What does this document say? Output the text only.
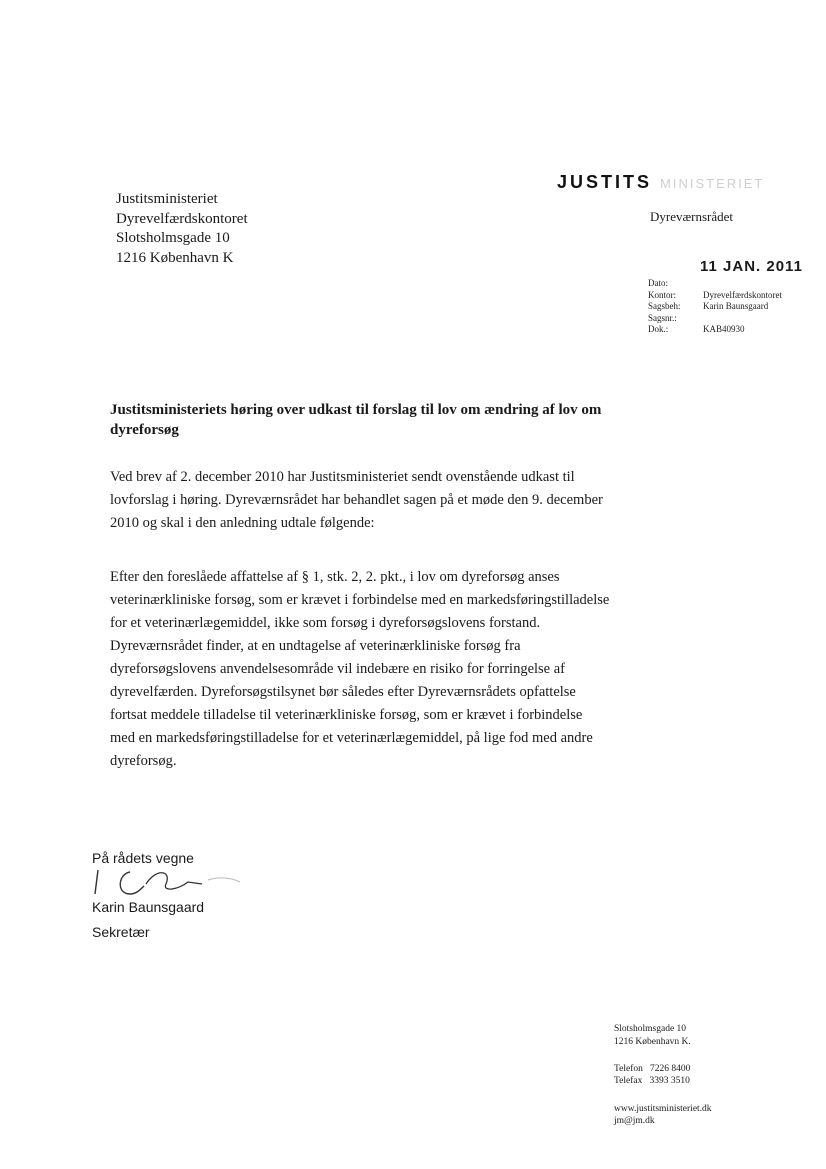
Justitsministeriet
Dyrevelfærdskontoret
Slotsholmsgade 10
1216 København K
JUSTITS MINISTERIET
Dyreværnsrådet
11 JAN. 2011
Dato:
Kontor:	Dyrevelfærdskontoret
Sagsbeh:	Karin Baunsgaard
Sagsnr.:
Dok.:	KAB40930
Justitsministeriets høring over udkast til forslag til lov om ændring af lov om dyreforsøg
Ved brev af 2. december 2010 har Justitsministeriet sendt ovenstående udkast til lovforslag i høring. Dyreværnsrådet har behandlet sagen på et møde den 9. december 2010 og skal i den anledning udtale følgende:
Efter den foreslåede affattelse af § 1, stk. 2, 2. pkt., i lov om dyreforsøg anses veterinærkliniske forsøg, som er krævet i forbindelse med en markedsføringstilladelse for et veterinærlægemiddel, ikke som forsøg i dyreforsøgslovens forstand. Dyreværnsrådet finder, at en undtagelse af veterinærkliniske forsøg fra dyreforsøgslovens anvendelsesområde vil indebære en risiko for forringelse af dyrevelfærden. Dyreforsøgstilsynet bør således efter Dyreværnsrådets opfattelse fortsat meddele tilladelse til veterinærkliniske forsøg, som er krævet i forbindelse med en markedsføringstilladelse for et veterinærlægemiddel, på lige fod med andre dyreforsøg.
På rådets vegne
Karin Baunsgaard
Sekretær
Slotsholmsgade 10
1216 København K.
Telefon 7226 8400
Telefax 3393 3510
www.justitsministeriet.dk
jm@jm.dk
